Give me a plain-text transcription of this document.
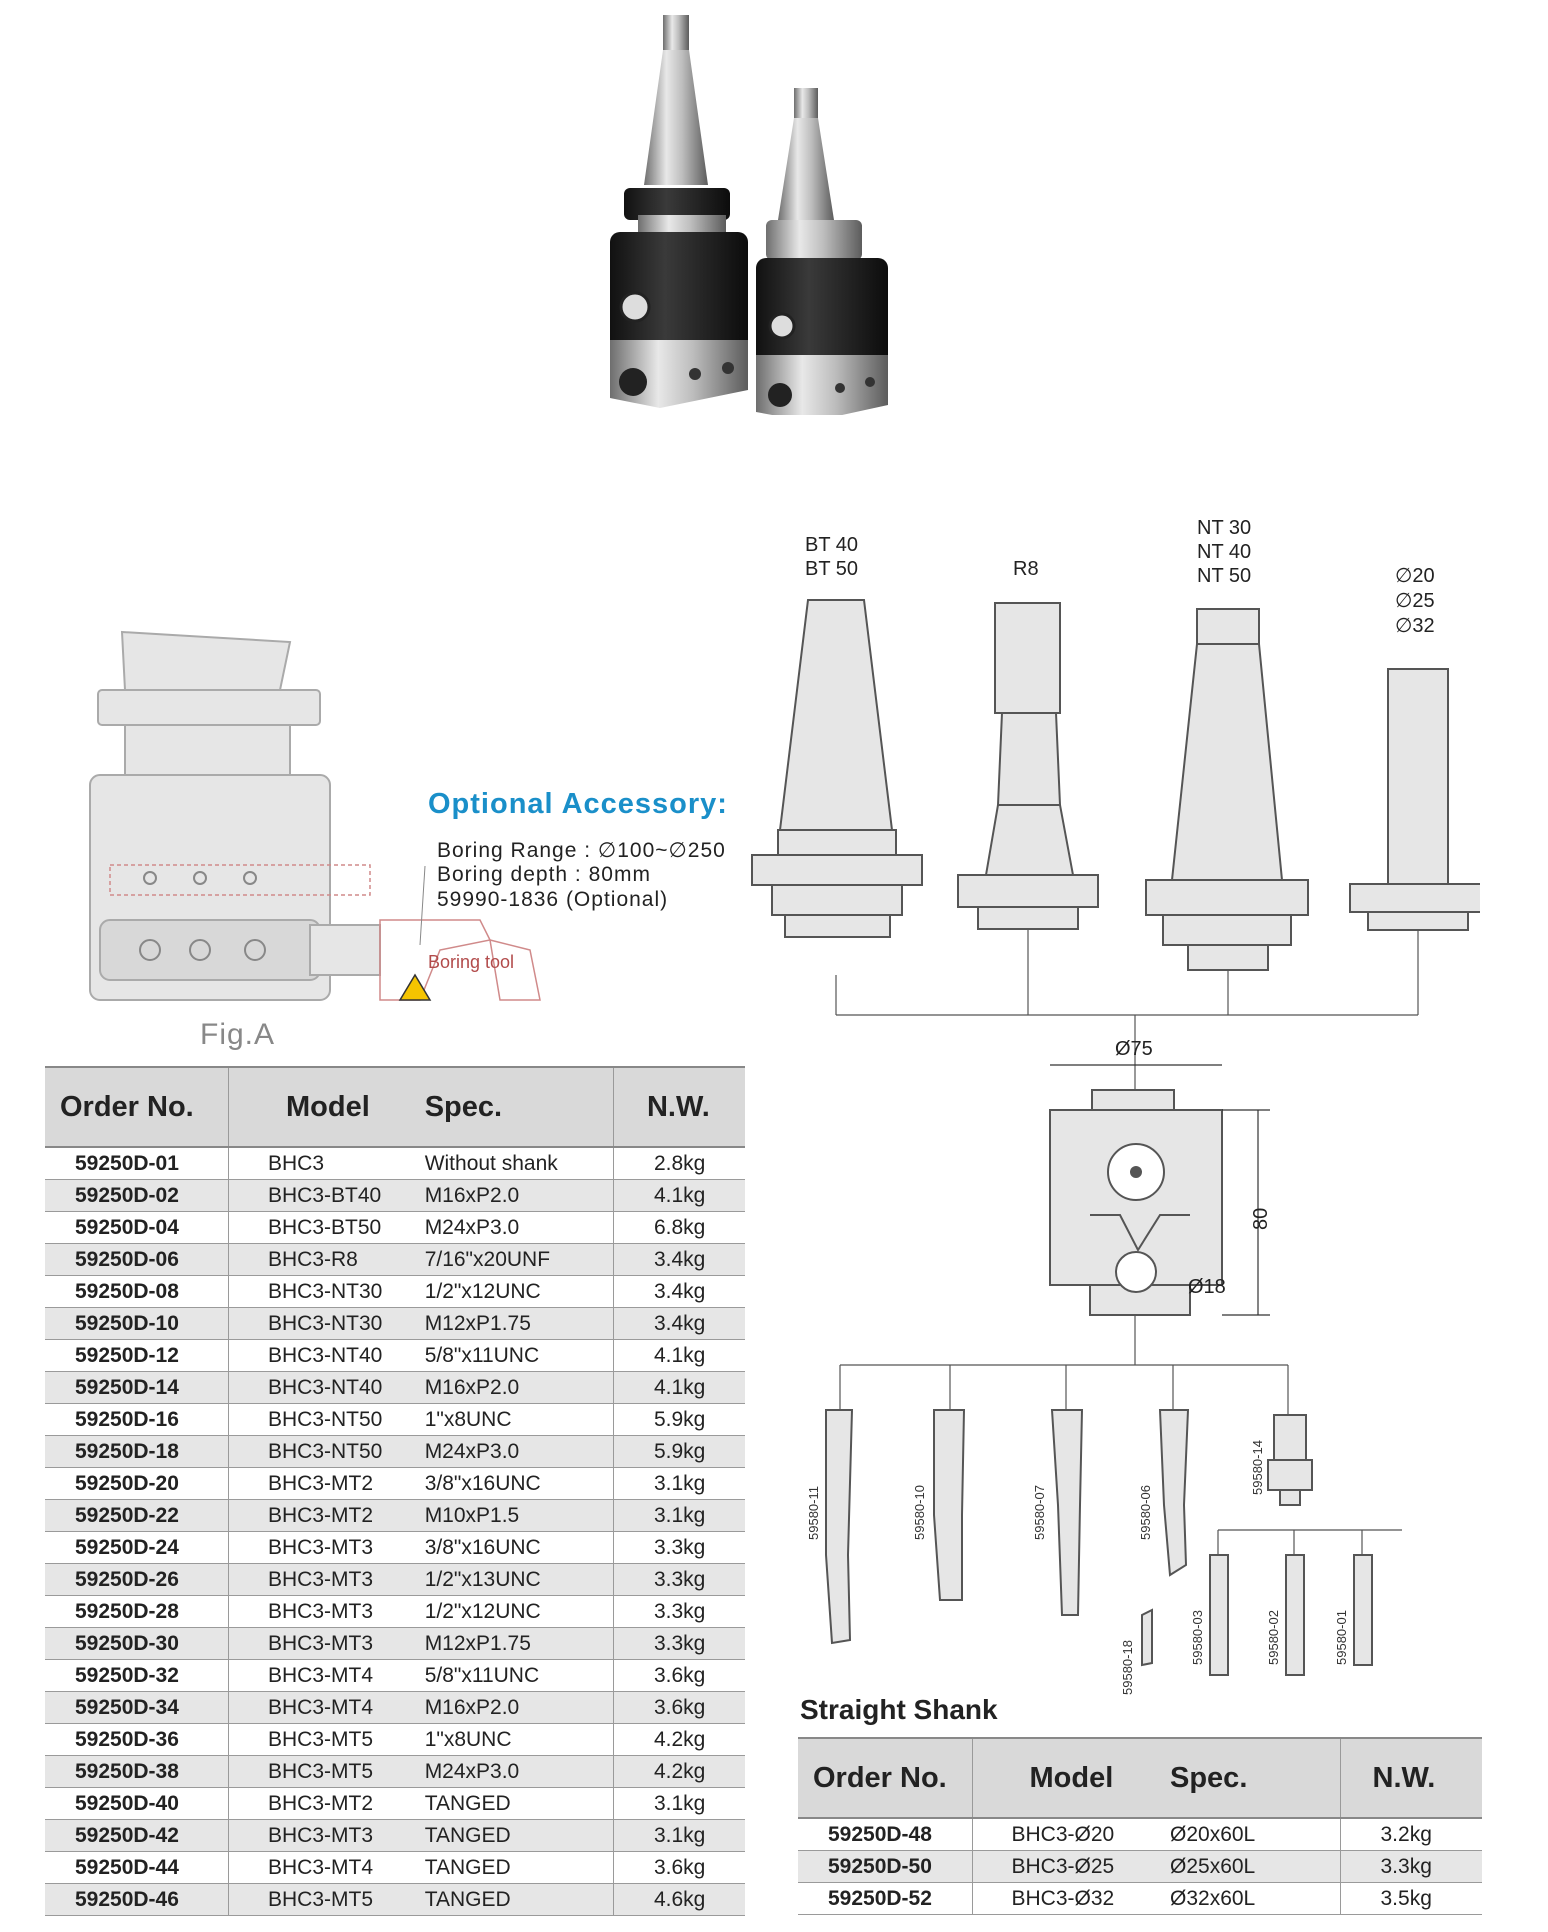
Boring tool
Fig.A
Optional Accessory:
Boring Range : ∅100~∅250
Boring depth : 80mm
59990-1836 (Optional)
BT 40
BT 50	R8
NT 30
NT 40
NT 50	∅20
∅25
∅32
Ø75
80
Ø18
59580-11	59580-10	59580-07	59580-06
59580-14
59580-18
59580-03	59580-02	59580-01
Order No.	Model	Spec.	N.W.
59250D-01	BHC3	Without shank	2.8kg
59250D-02	BHC3-BT40	M16xP2.0	4.1kg
59250D-04	BHC3-BT50	M24xP3.0	6.8kg
59250D-06	BHC3-R8	7/16"x20UNF	3.4kg
59250D-08	BHC3-NT30	1/2"x12UNC	3.4kg
59250D-10	BHC3-NT30	M12xP1.75	3.4kg
59250D-12	BHC3-NT40	5/8"x11UNC	4.1kg
59250D-14	BHC3-NT40	M16xP2.0	4.1kg
59250D-16	BHC3-NT50	1"x8UNC	5.9kg
59250D-18	BHC3-NT50	M24xP3.0	5.9kg
59250D-20	BHC3-MT2	3/8"x16UNC	3.1kg
59250D-22	BHC3-MT2	M10xP1.5	3.1kg
59250D-24	BHC3-MT3	3/8"x16UNC	3.3kg
59250D-26	BHC3-MT3	1/2"x13UNC	3.3kg
59250D-28	BHC3-MT3	1/2"x12UNC	3.3kg
59250D-30	BHC3-MT3	M12xP1.75	3.3kg
59250D-32	BHC3-MT4	5/8"x11UNC	3.6kg
59250D-34	BHC3-MT4	M16xP2.0	3.6kg
59250D-36	BHC3-MT5	1"x8UNC	4.2kg
59250D-38	BHC3-MT5	M24xP3.0	4.2kg
59250D-40	BHC3-MT2	TANGED	3.1kg
59250D-42	BHC3-MT3	TANGED	3.1kg
59250D-44	BHC3-MT4	TANGED	3.6kg
59250D-46	BHC3-MT5	TANGED	4.6kg
Straight Shank
Order No.	Model	Spec.	N.W.
59250D-48	BHC3-Ø20	Ø20x60L	3.2kg
59250D-50	BHC3-Ø25	Ø25x60L	3.3kg
59250D-52	BHC3-Ø32	Ø32x60L	3.5kg
